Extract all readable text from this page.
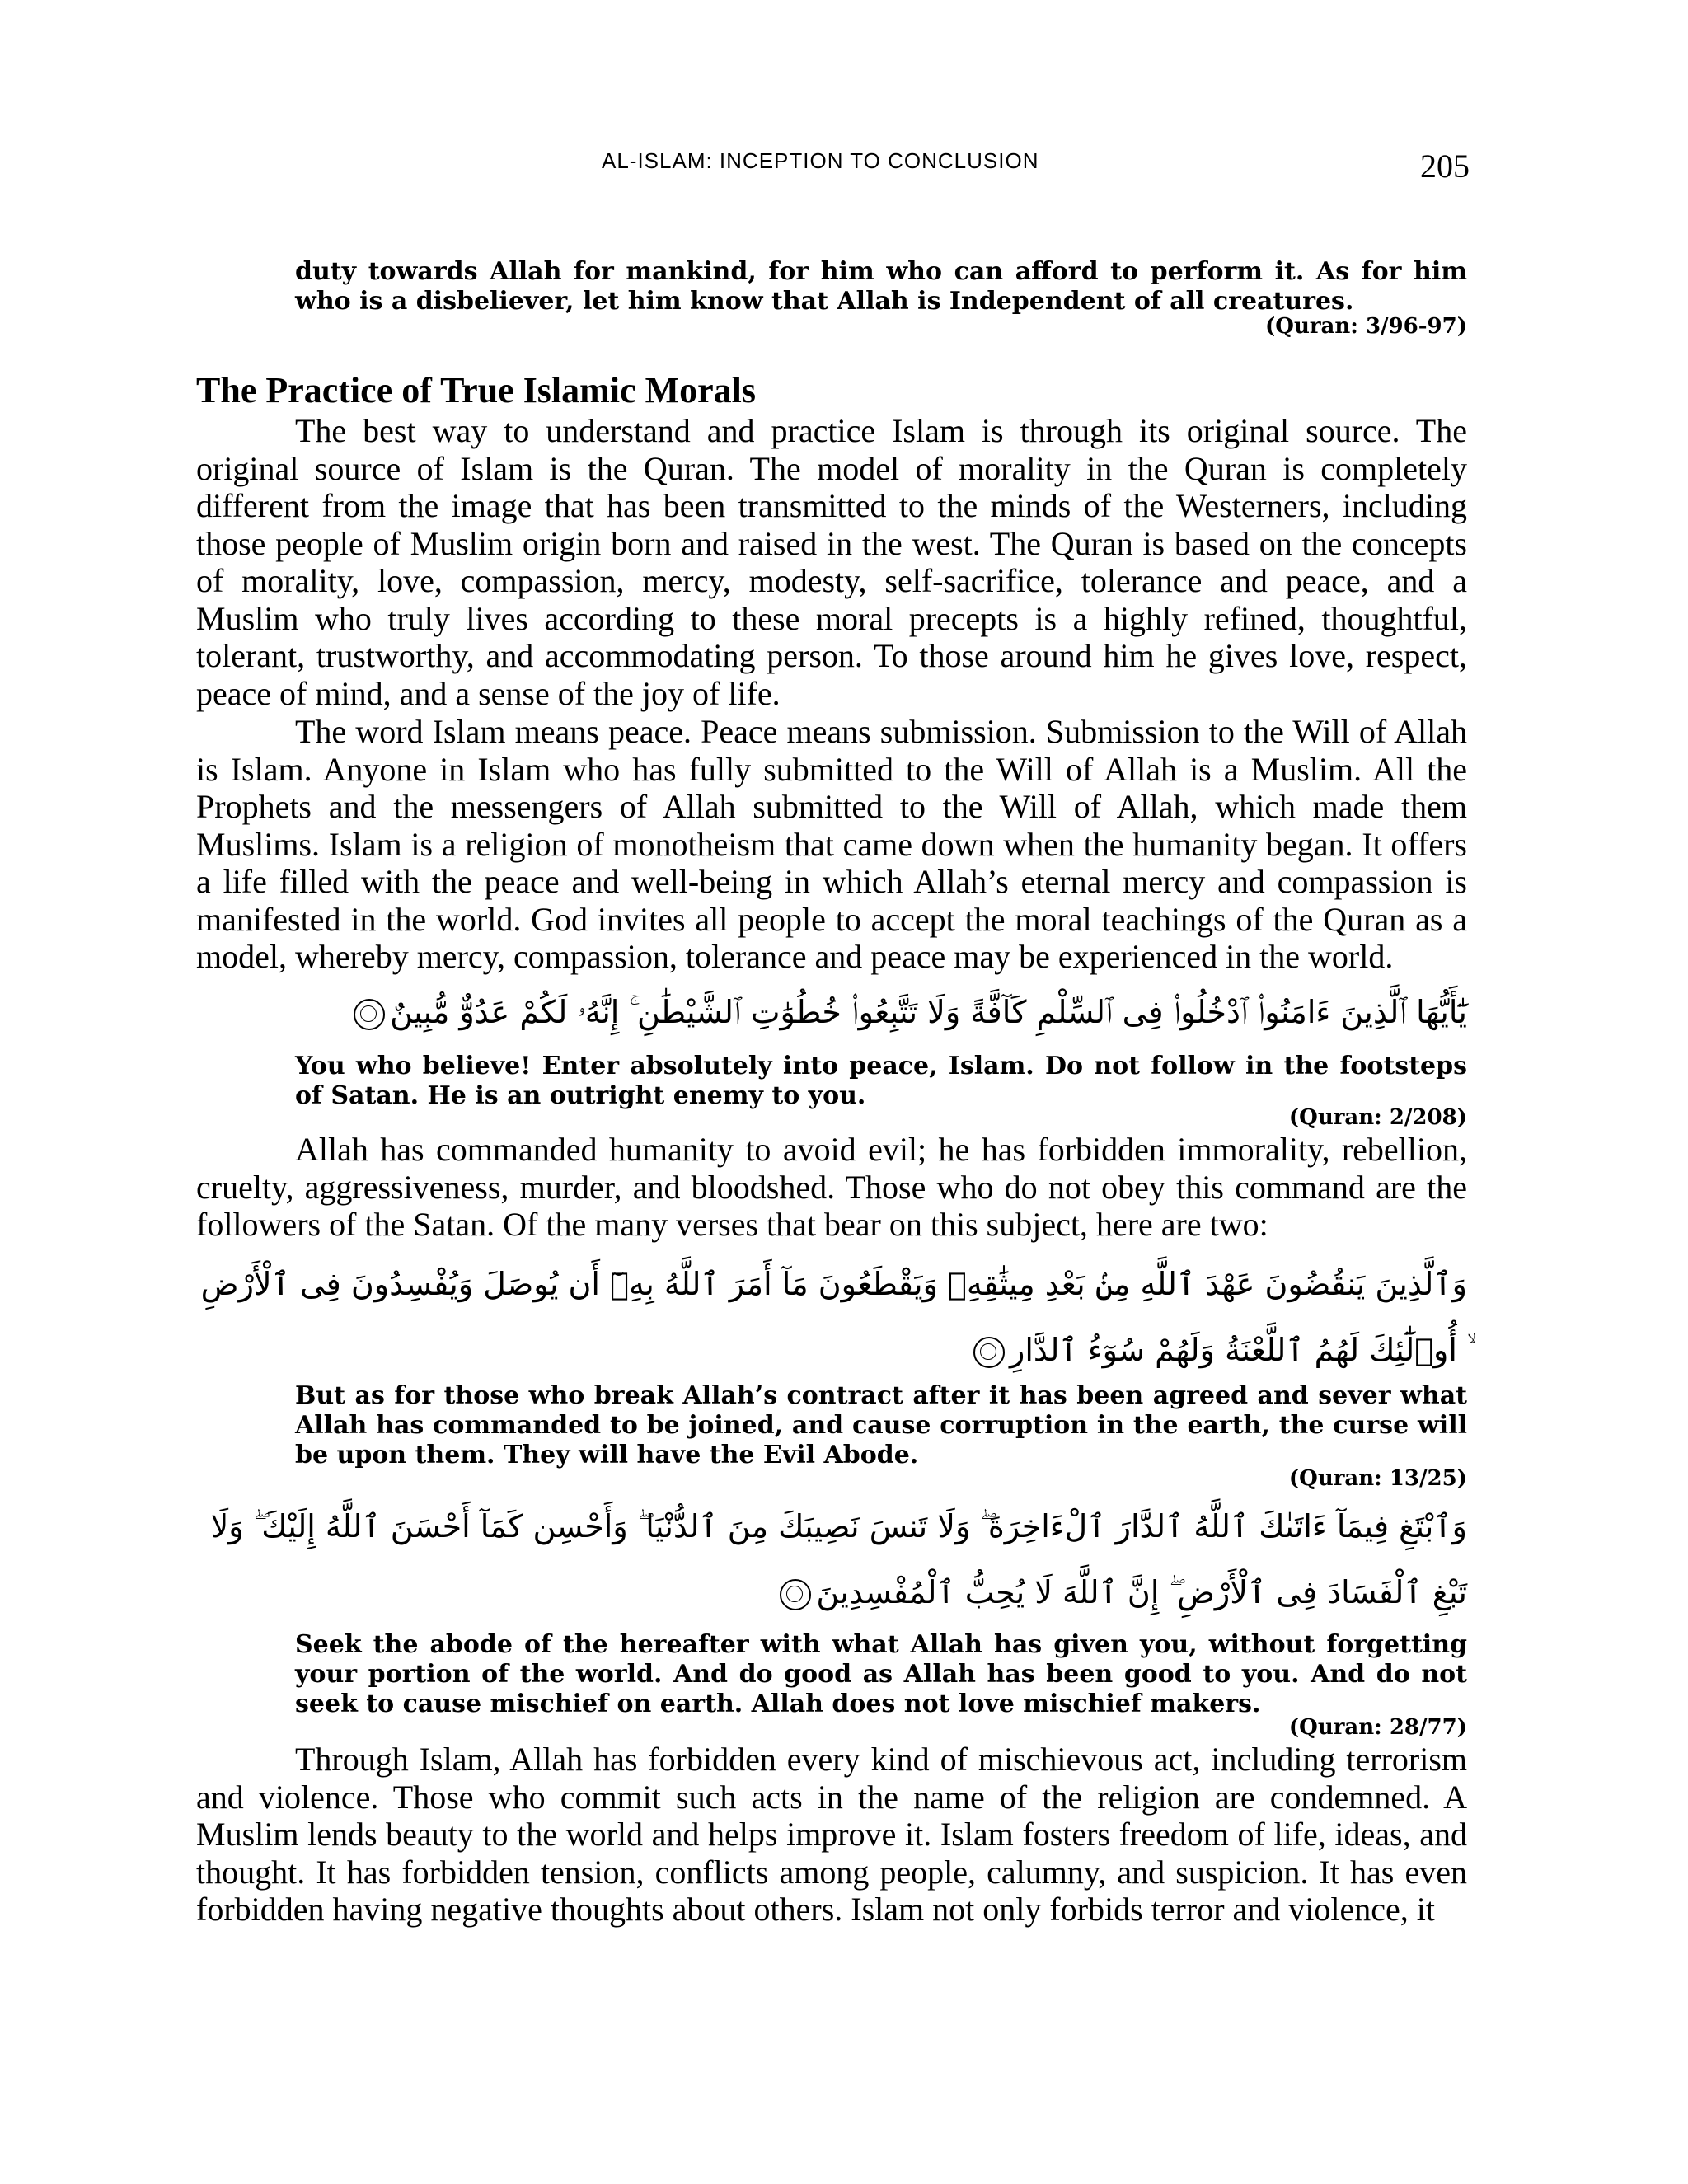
AL-ISLAM: INCEPTION TO CONCLUSION	205
duty towards Allah for mankind, for him who can afford to perform it. As for him who is a disbeliever, let him know that Allah is Independent of all creatures.
(Quran: 3/96-97)
The Practice of True Islamic Morals
The best way to understand and practice Islam is through its original source. The original source of Islam is the Quran. The model of morality in the Quran is completely different from the image that has been transmitted to the minds of the Westerners, including those people of Muslim origin born and raised in the west. The Quran is based on the concepts of morality, love, compassion, mercy, modesty, self-sacrifice, tolerance and peace, and a Muslim who truly lives according to these moral precepts is a highly refined, thoughtful, tolerant, trustworthy, and accommodating person. To those around him he gives love, respect, peace of mind, and a sense of the joy of life.
The word Islam means peace. Peace means submission. Submission to the Will of Allah is Islam. Anyone in Islam who has fully submitted to the Will of Allah is a Muslim. All the Prophets and the messengers of Allah submitted to the Will of Allah, which made them Muslims. Islam is a religion of monotheism that came down when the humanity began. It offers a life filled with the peace and well-being in which Allah’s eternal mercy and compassion is manifested in the world. God invites all people to accept the moral teachings of the Quran as a model, whereby mercy, compassion, tolerance and peace may be experienced in the world.
يَٰٓأَيُّهَا ٱلَّذِينَ ءَامَنُوا۟ ٱدْخُلُوا۟ فِى ٱلسِّلْمِ كَآفَّةً وَلَا تَتَّبِعُوا۟ خُطُوَٰتِ ٱلشَّيْطَٰنِ ۚ إِنَّهُۥ لَكُمْ عَدُوٌّ مُّبِينٌ
You who believe! Enter absolutely into peace, Islam. Do not follow in the footsteps of Satan. He is an outright enemy to you.
(Quran: 2/208)
Allah has commanded humanity to avoid evil; he has forbidden immorality, rebellion, cruelty, aggressiveness, murder, and bloodshed. Those who do not obey this command are the followers of the Satan. Of the many verses that bear on this subject, here are two:
وَٱلَّذِينَ يَنقُضُونَ عَهْدَ ٱللَّهِ مِنۢ بَعْدِ مِيثَٰقِهِۦ وَيَقْطَعُونَ مَآ أَمَرَ ٱللَّهُ بِهِۦٓ أَن يُوصَلَ وَيُفْسِدُونَ فِى ٱلْأَرْضِ ۙ أُو۟لَٰٓئِكَ لَهُمُ ٱللَّعْنَةُ وَلَهُمْ سُوٓءُ ٱلدَّارِ
But as for those who break Allah’s contract after it has been agreed and sever what Allah has commanded to be joined, and cause corruption in the earth, the curse will be upon them. They will have the Evil Abode.
(Quran: 13/25)
وَٱبْتَغِ فِيمَآ ءَاتَىٰكَ ٱللَّهُ ٱلدَّارَ ٱلْءَاخِرَةَ ۖ وَلَا تَنسَ نَصِيبَكَ مِنَ ٱلدُّنْيَا ۖ وَأَحْسِن كَمَآ أَحْسَنَ ٱللَّهُ إِلَيْكَ ۖ وَلَا تَبْغِ ٱلْفَسَادَ فِى ٱلْأَرْضِ ۖ إِنَّ ٱللَّهَ لَا يُحِبُّ ٱلْمُفْسِدِينَ
Seek the abode of the hereafter with what Allah has given you, without forgetting your portion of the world. And do good as Allah has been good to you. And do not seek to cause mischief on earth. Allah does not love mischief makers.
(Quran: 28/77)
Through Islam, Allah has forbidden every kind of mischievous act, including terrorism and violence. Those who commit such acts in the name of the religion are condemned. A Muslim lends beauty to the world and helps improve it. Islam fosters freedom of life, ideas, and thought. It has forbidden tension, conflicts among people, calumny, and suspicion. It has even forbidden having negative thoughts about others. Islam not only forbids terror and violence, it
